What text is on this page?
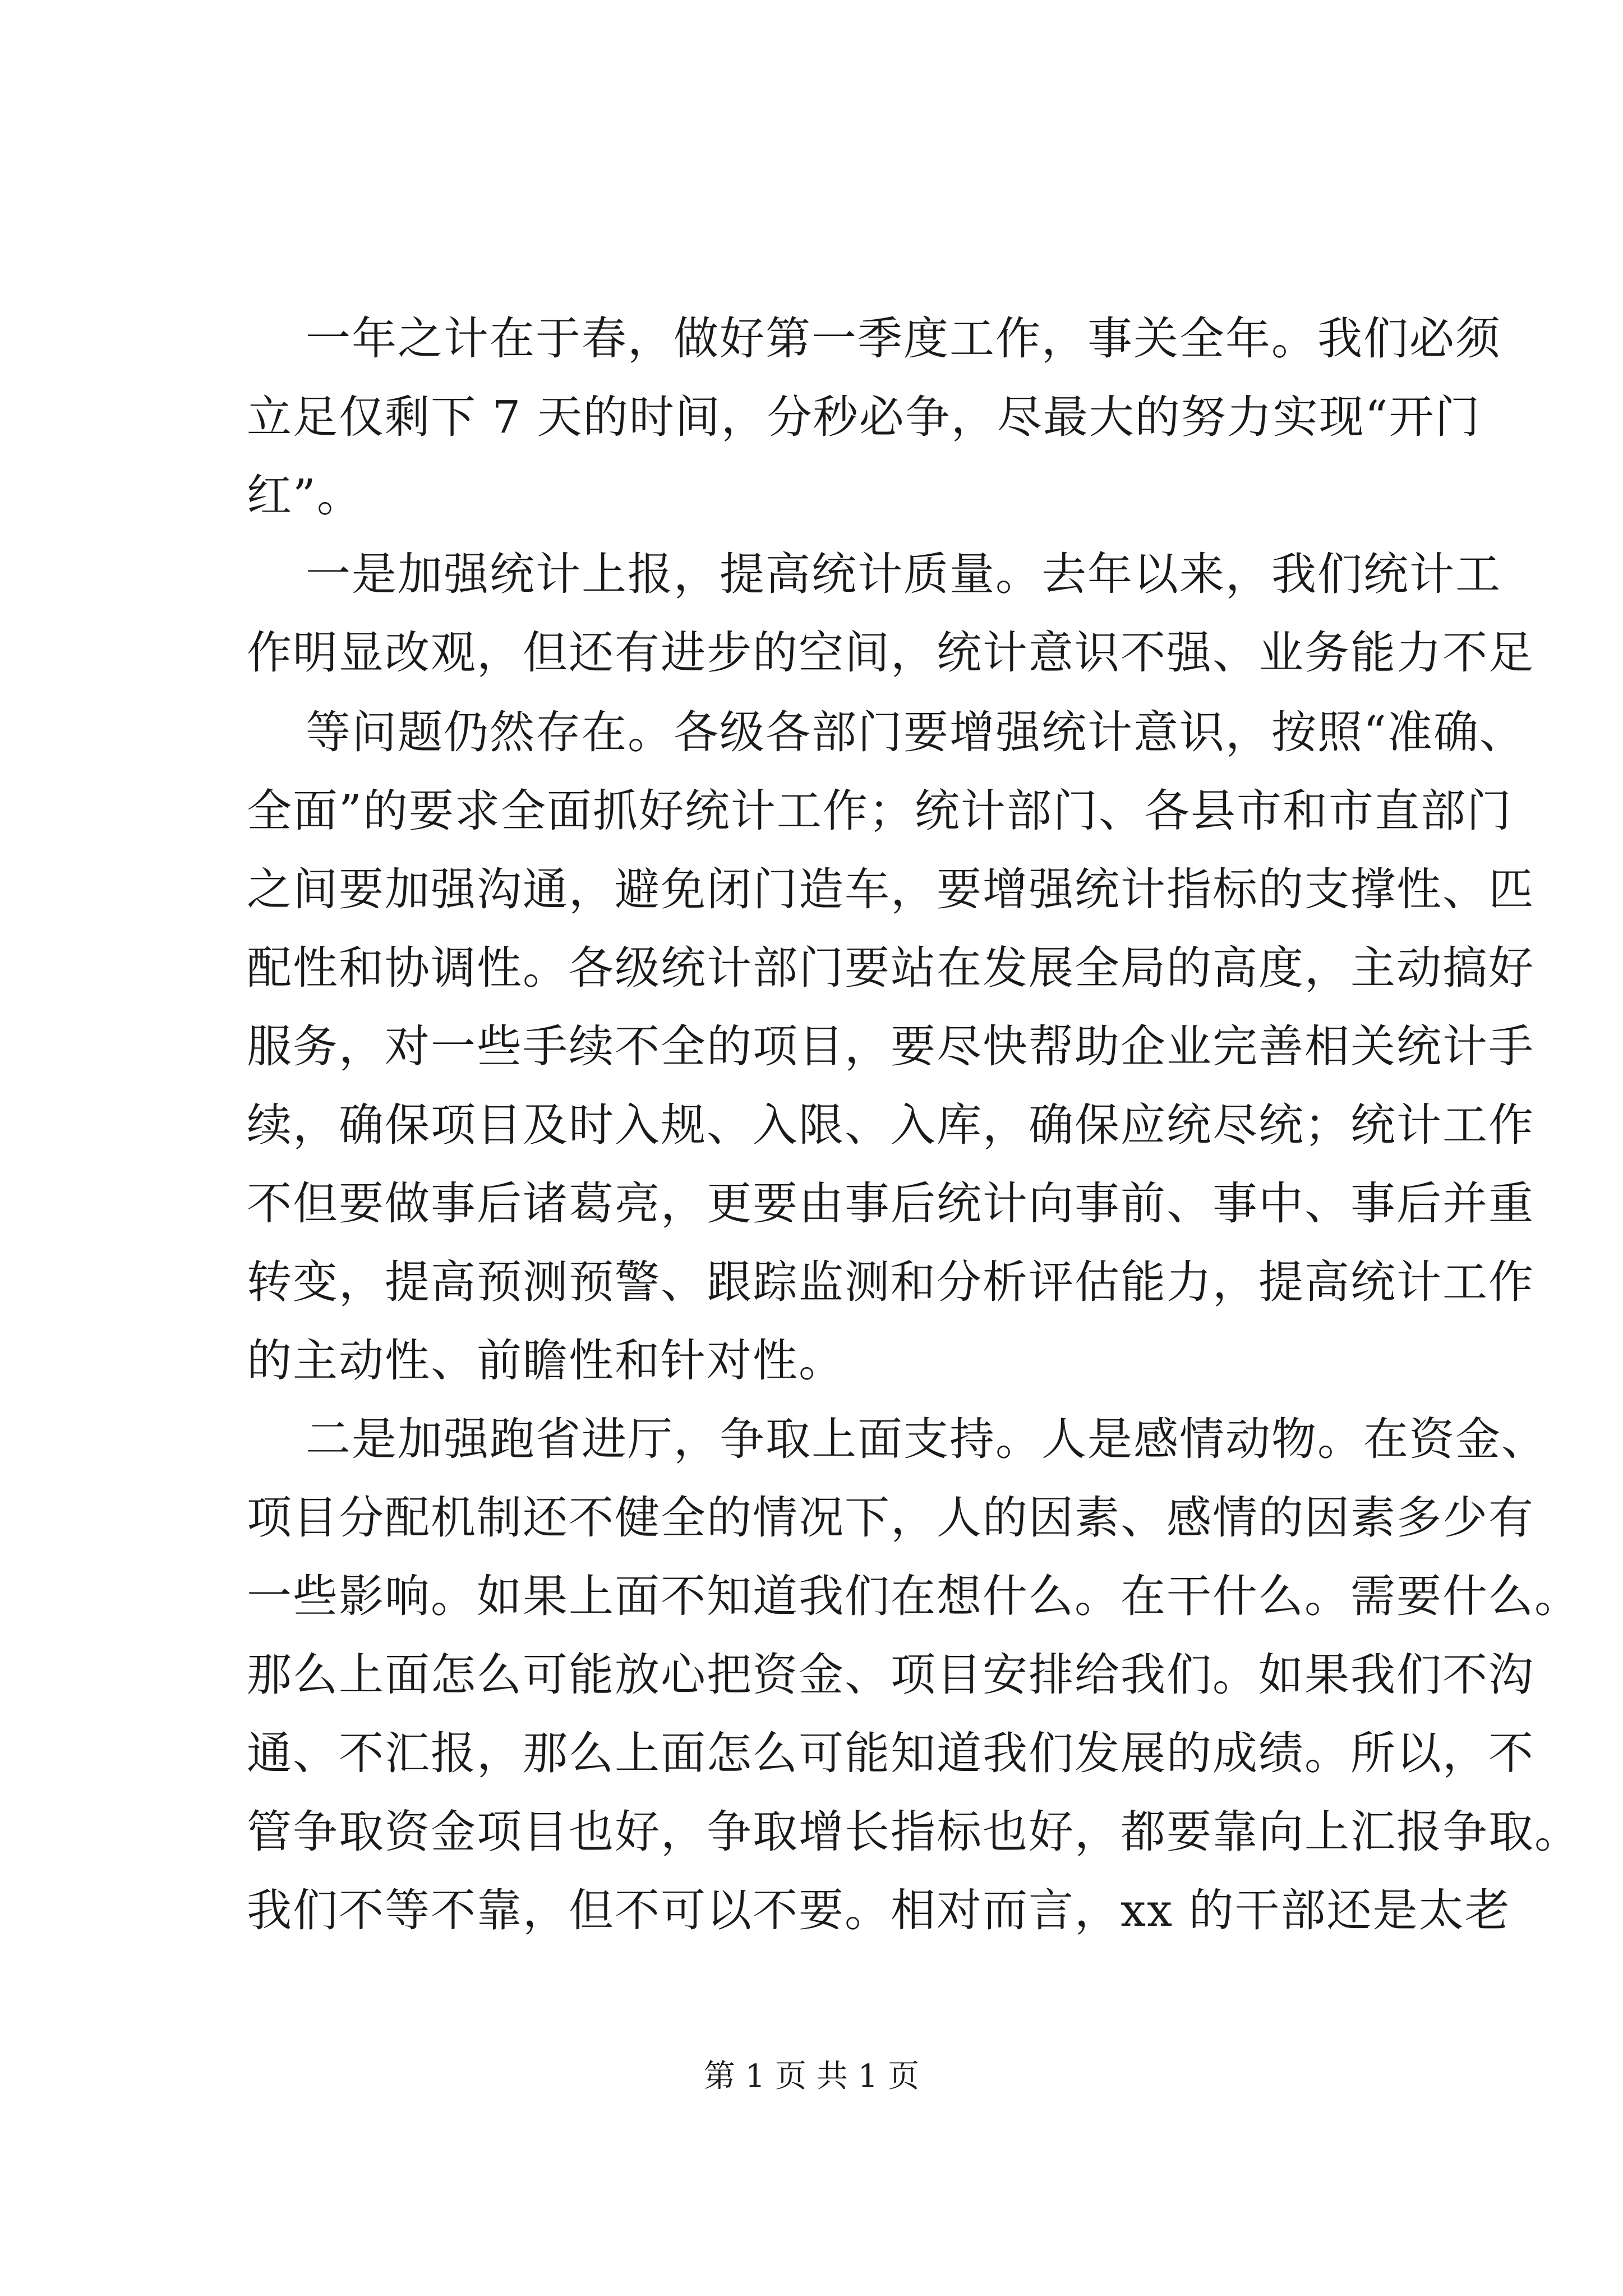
一年之计在于春，做好第一季度工作，事关全年。我们必须
立足仅剩下 7 天的时间，分秒必争，尽最大的努力实现“开门
红”。
一是加强统计上报，提高统计质量。去年以来，我们统计工
作明显改观，但还有进步的空间，统计意识不强、业务能力不足
等问题仍然存在。各级各部门要增强统计意识，按照“准确、
全面”的要求全面抓好统计工作；统计部门、各县市和市直部门
之间要加强沟通，避免闭门造车，要增强统计指标的支撑性、匹
配性和协调性。各级统计部门要站在发展全局的高度，主动搞好
服务，对一些手续不全的项目，要尽快帮助企业完善相关统计手
续，确保项目及时入规、入限、入库，确保应统尽统；统计工作
不但要做事后诸葛亮，更要由事后统计向事前、事中、事后并重
转变，提高预测预警、跟踪监测和分析评估能力，提高统计工作
的主动性、前瞻性和针对性。
二是加强跑省进厅，争取上面支持。人是感情动物。在资金、
项目分配机制还不健全的情况下，人的因素、感情的因素多少有
一些影响。如果上面不知道我们在想什么。在干什么。需要什么。
那么上面怎么可能放心把资金、项目安排给我们。如果我们不沟
通、不汇报，那么上面怎么可能知道我们发展的成绩。所以，不
管争取资金项目也好，争取增长指标也好，都要靠向上汇报争取。
我们不等不靠，但不可以不要。相对而言，xx 的干部还是太老
第 1 页 共 1 页
